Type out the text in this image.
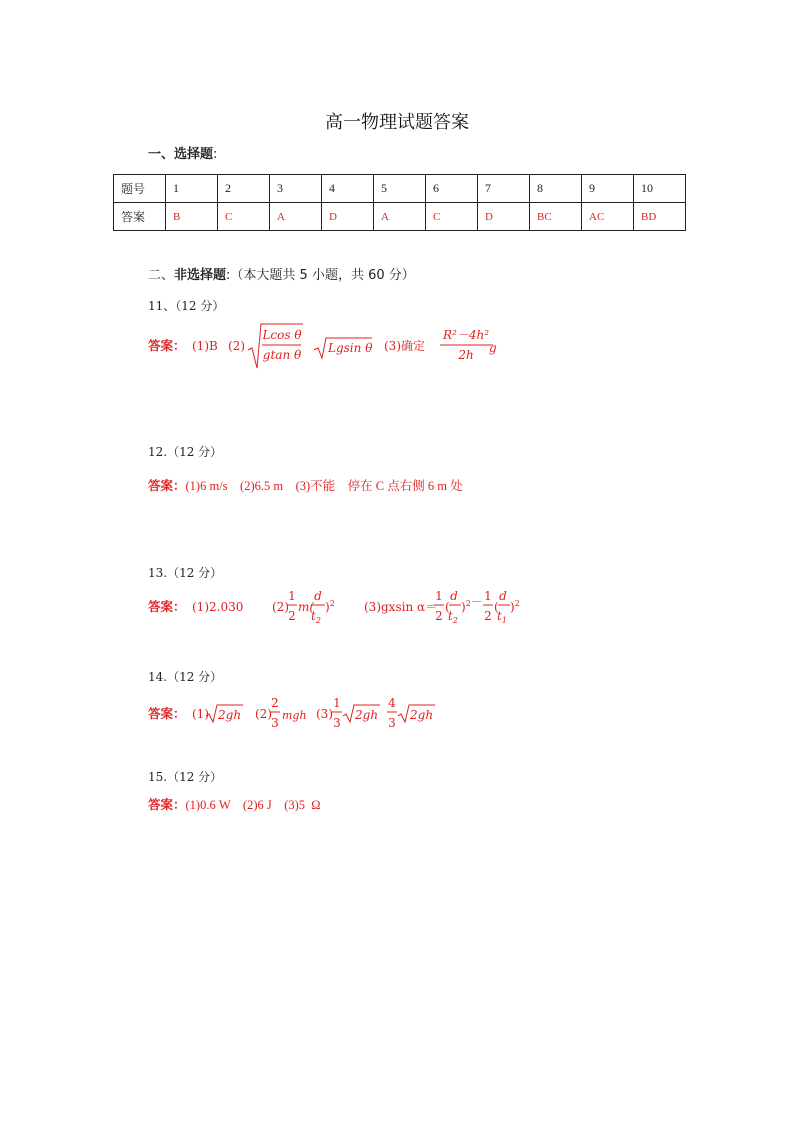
高一物理试题答案
一、选择题:
题号	1	2	3	4	5	6	7	8	9	10
答案	B	C	A	D	A	C	D	BC	AC	BD
二、非选择题:（本大题共 5 小题，共 60 分）
11、（12 分）
答案： (1)B (2)
Lcos θ
gtan θ Lgsin θ (3)确定
R²－4h²
2h g
12.（12 分）
答案：(1)6 m/s    (2)6.5 m    (3)不能    停在 C 点右侧 6 m 处
13.（12 分）
答案： (1)2.030 (2)
1
2
m(
d
$t_2$
)$^2$ (3)gxsin α＝
1
2
(
d
$t_2$
)$^2$－ 1
2
(
d
$t_1$
)$^2$
14.（12 分）
答案： (1) 2gh (2)
2
3
mgh (3)
1
3
2gh
4
3
2gh
15.（12 分）
答案：(1)0.6 W    (2)6 J    (3)5  Ω
